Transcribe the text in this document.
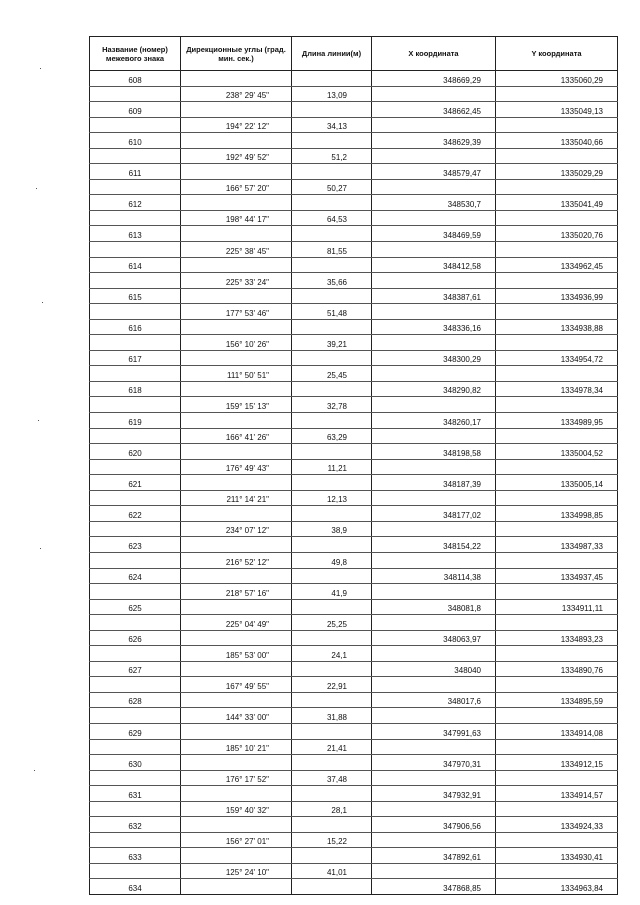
Название (номер) межевого знака	Дирекционные углы (град. мин. сек.)	Длина линии(м)	X координата	Y координата
608			348669,29	1335060,29
	238° 29' 45"	13,09		
609			348662,45	1335049,13
	194° 22' 12"	34,13		
610			348629,39	1335040,66
	192° 49' 52"	51,2		
611			348579,47	1335029,29
	166° 57' 20"	50,27		
612			348530,7	1335041,49
	198° 44' 17"	64,53		
613			348469,59	1335020,76
	225° 38' 45"	81,55		
614			348412,58	1334962,45
	225° 33' 24"	35,66		
615			348387,61	1334936,99
	177° 53' 46"	51,48		
616			348336,16	1334938,88
	156° 10' 26"	39,21		
617			348300,29	1334954,72
	111° 50' 51"	25,45		
618			348290,82	1334978,34
	159° 15' 13"	32,78		
619			348260,17	1334989,95
	166° 41' 26"	63,29		
620			348198,58	1335004,52
	176° 49' 43"	11,21		
621			348187,39	1335005,14
	211° 14' 21"	12,13		
622			348177,02	1334998,85
	234° 07' 12"	38,9		
623			348154,22	1334987,33
	216° 52' 12"	49,8		
624			348114,38	1334937,45
	218° 57' 16"	41,9		
625			348081,8	1334911,11
	225° 04' 49"	25,25		
626			348063,97	1334893,23
	185° 53' 00"	24,1		
627			348040	1334890,76
	167° 49' 55"	22,91		
628			348017,6	1334895,59
	144° 33' 00"	31,88		
629			347991,63	1334914,08
	185° 10' 21"	21,41		
630			347970,31	1334912,15
	176° 17' 52"	37,48		
631			347932,91	1334914,57
	159° 40' 32"	28,1		
632			347906,56	1334924,33
	156° 27' 01"	15,22		
633			347892,61	1334930,41
	125° 24' 10"	41,01		
634			347868,85	1334963,84
